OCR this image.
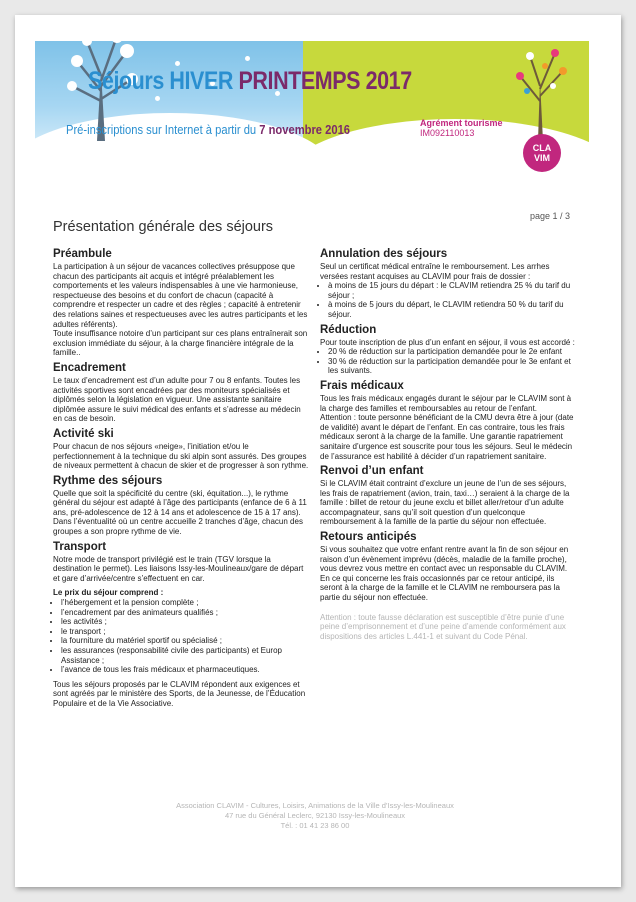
Séjours HIVER PRINTEMPS 2017
Pré-inscriptions sur Internet à partir du 7 novembre 2016	Agrément tourisme
IM092110013
CLA
VIM
page 1 / 3
Présentation générale des séjours
Préambule

La participation à un séjour de vacances collectives présuppose que chacun des participants ait acquis et intégré préalablement les comportements et les valeurs indispensables à une vie harmonieuse, respectueuse des besoins et du confort de chacun (capacité à comprendre et respecter un cadre et des règles ; capacité à entretenir des relations saines et respectueuses avec les autres participants et les adultes référents).

Toute insuffisance notoire d’un participant sur ces plans entraînerait son exclusion immédiate du séjour, à la charge financière intégrale de la famille..

Encadrement

Le taux d’encadrement est d’un adulte pour 7 ou 8 enfants. Toutes les activités sportives sont encadrées par des moniteurs spécialisés et diplômés selon la législation en vigueur. Une assistante sanitaire diplômée assure le suivi médical des enfants et s’adresse au médecin en cas de besoin.

Activité ski

Pour chacun de nos séjours «neige», l’initiation et/ou le perfectionnement à la technique du ski alpin sont assurés. Des groupes de niveaux permettent à chacun de skier et de progresser à son rythme.

Rythme des séjours

Quelle que soit la spécificité du centre (ski, équitation...), le rythme général du séjour est adapté à l’âge des participants (enfance de 6 à 11 ans, pré-adolescence de 12 à 14 ans et adolescence de 15 à 17 ans). Dans l’éventualité où un centre accueille 2 tranches d’âge, chacun des groupes a son propre rythme de vie.

Transport

Notre mode de transport privilégié est le train (TGV lorsque la destination le permet). Les liaisons Issy-les-Moulineaux/gare de départ et gare d’arrivée/centre s’effectuent en car.

Le prix du séjour comprend :

• l’hébergement et la pension complète ;
• l’encadrement par des animateurs qualifiés ;
• les activités ;
• le transport ;
• la fourniture du matériel sportif ou spécialisé ;
• les assurances (responsabilité civile des participants) et Europ Assistance ;
• l’avance de tous les frais médicaux et pharmaceutiques.

Tous les séjours proposés par le CLAVIM répondent aux exigences et sont agréés par le ministère des Sports, de la Jeunesse, de l’Éducation Populaire et de la Vie Associative.

Annulation des séjours

Seul un certificat médical entraîne le remboursement. Les arrhes versées restant acquises au CLAVIM pour frais de dossier :

• à moins de 15 jours du départ : le CLAVIM retiendra 25 % du tarif du séjour ;
• à moins de 5 jours du départ, le CLAVIM retiendra 50 % du tarif du séjour.
Réduction

Pour toute inscription de plus d’un enfant en séjour, il vous est accordé :

• 20 % de réduction sur la participation demandée pour le 2e enfant
• 30 % de réduction sur la participation demandée pour le 3e enfant et les suivants.
Frais médicaux

Tous les frais médicaux engagés durant le séjour par le CLAVIM sont à la charge des familles et remboursables au retour de l’enfant.

Attention : toute personne bénéficiant de la CMU devra être à jour (date de validité) avant le départ de l’enfant. En cas contraire, tous les frais médicaux seront à la charge de la famille. Une garantie rapatriement sanitaire d’urgence est souscrite pour tous les séjours. Seul le médecin de l’assurance est habilité à décider d’un rapatriement sanitaire.

Renvoi d’un enfant

Si le CLAVIM était contraint d’exclure un jeune de l’un de ses séjours, les frais de rapatriement (avion, train, taxi…) seraient à la charge de la famille : billet de retour du jeune exclu et billet aller/retour d’un adulte accompagnateur, sans qu’il soit question d’un quelconque remboursement à la famille de la partie du séjour non effectuée.

Retours anticipés

Si vous souhaitez que votre enfant rentre avant la fin de son séjour en raison d’un évènement imprévu (décès, maladie de la famille proche), vous devrez vous mettre en contact avec un responsable du CLAVIM. En ce qui concerne les frais occasionnés par ce retour anticipé, ils seront à la charge de la famille et le CLAVIM ne remboursera pas la partie du séjour non effectuée.

Attention : toute fausse déclaration est susceptible d’être punie d’une peine d’emprisonnement et d’une peine d’amende conformément aux dispositions des articles L.441-1 et suivant du Code Pénal.

Association CLAVIM - Cultures, Loisirs, Animations de la Ville d’Issy-les-Moulineaux
47 rue du Général Leclerc, 92130 Issy-les-Moulineaux
Tél. : 01 41 23 86 00
